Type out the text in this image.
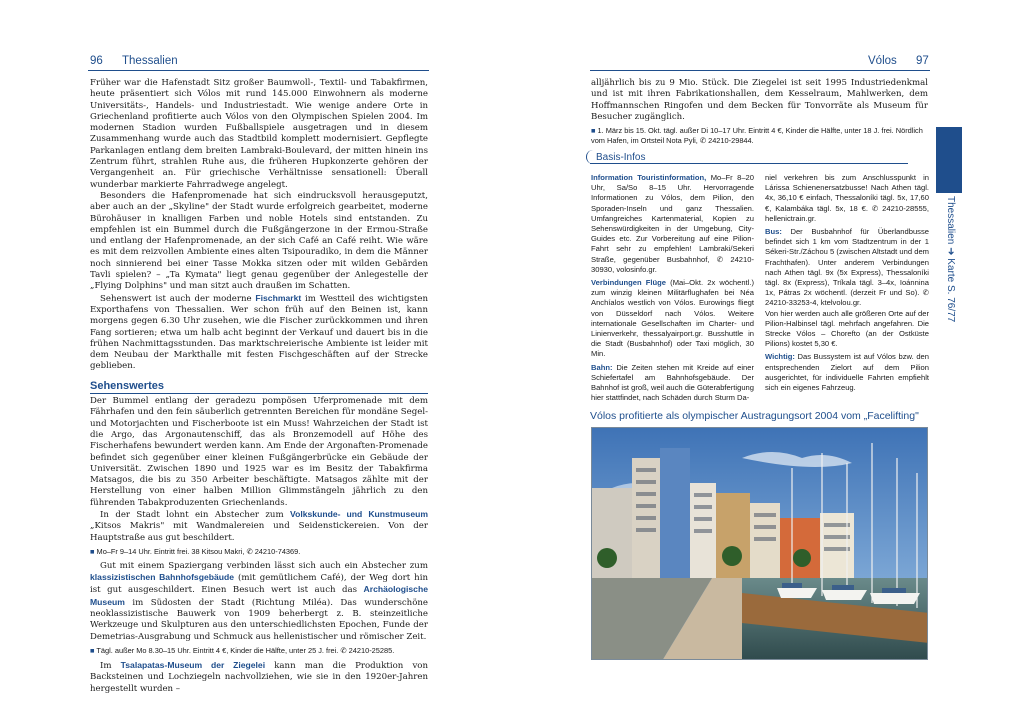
96 Thessalien

Früher war die Hafenstadt Sitz großer Baumwoll-, Textil- und Tabakfirmen, heute präsentiert sich Vólos mit rund 145.000 Einwohnern als moderne Universitäts-, Handels- und Industriestadt. Wie wenige andere Orte in Griechenland profitierte auch Vólos von den Olympischen Spielen 2004. Im modernen Stadion wurden Fußballspiele ausgetragen und in diesem Zusammenhang wurde auch das Stadtbild komplett modernisiert. Gepflegte Parkanlagen entlang dem breiten Lambraki-Boulevard, der mitten hinein ins Zentrum führt, strahlen Ruhe aus, die früheren Hupkonzerte gehören der Vergangenheit an. Für griechische Verhältnisse sensationell: Überall wunderbar markierte Fahrradwege angelegt.

Besonders die Hafenpromenade hat sich eindrucksvoll herausgeputzt, aber auch an der „Skyline" der Stadt wurde erfolgreich gearbeitet, moderne Bürohäuser in knalligen Farben und noble Hotels sind entstanden. Zu empfehlen ist ein Bummel durch die Fußgängerzone in der Ermou-Straße und entlang der Hafenpromenade, an der sich Café an Café reiht. Wie wäre es mit dem reizvollen Ambiente eines alten Tsipouradiko, in dem die Männer noch sinnierend bei einer Tasse Mokka sitzen oder mit wilden Gebärden Tavli spielen? – „Ta Kymata" liegt genau gegenüber der Anlegestelle der „Flying Dolphins" und man sitzt auch draußen im Schatten.

Sehenswert ist auch der moderne Fischmarkt im Westteil des wichtigsten Exporthafens von Thessalien. Wer schon früh auf den Beinen ist, kann morgens gegen 6.30 Uhr zusehen, wie die Fischer zurückkommen und ihren Fang sortieren; etwa um halb acht beginnt der Verkauf und dauert bis in die frühen Nachmittagsstunden. Das marktschreierische Ambiente ist leider mit dem Neubau der Markthalle mit festen Fischgeschäften auf der Strecke geblieben.

Sehenswertes

Der Bummel entlang der geradezu pompösen Uferpromenade mit dem Fährhafen und den fein säuberlich getrennten Bereichen für mondäne Segel- und Motorjachten und Fischerboote ist ein Muss! Wahrzeichen der Stadt ist die Argo, das Argonautenschiff, das als Bronzemodell auf Höhe des Fischerhafens bewundert werden kann. Am Ende der Argonaften-Promenade befindet sich gegenüber einer kleinen Fußgängerbrücke ein Gebäude der Universität. Zwischen 1890 und 1925 war es im Besitz der Tabakfirma Matsagos, die bis zu 350 Arbeiter beschäftigte. Matsagos zählte mit der Herstellung von einer halben Million Glimmstängeln jährlich zu den führenden Tabakproduzenten Griechenlands.

In der Stadt lohnt ein Abstecher zum Volkskunde- und Kunstmuseum „Kitsos Makris" mit Wandmalereien und Seidenstickereien. Von der Hauptstraße aus gut beschildert.

■ Mo–Fr 9–14 Uhr. Eintritt frei. 38 Kitsou Makri, ✆ 24210-74369.

Gut mit einem Spaziergang verbinden lässt sich auch ein Abstecher zum klassizistischen Bahnhofsgebäude (mit gemütlichem Café), der Weg dort hin ist gut ausgeschildert. Einen Besuch wert ist auch das Archäologische Museum im Südosten der Stadt (Richtung Miléa). Das wunderschöne neoklassizistische Bauwerk von 1909 beherbergt z. B. steinzeitliche Werkzeuge und Skulpturen aus den unterschiedlichsten Epochen, Funde der Demetrias-Ausgrabung und Schmuck aus hellenistischer und römischer Zeit.

■ Tägl. außer Mo 8.30–15 Uhr. Eintritt 4 €, Kinder die Hälfte, unter 25 J. frei. ✆ 24210-25285.

Im Tsalapatas-Museum der Ziegelei kann man die Produktion von Backsteinen und Lochziegeln nachvollziehen, wie sie in den 1920er-Jahren hergestellt wurden –

Vólos 97

alljährlich bis zu 9 Mio. Stück. Die Ziegelei ist seit 1995 Industriedenkmal und ist mit ihren Fabrikationshallen, dem Kesselraum, Mahlwerken, dem Hoffmannschen Ringofen und dem Becken für Tonvorräte als Museum für Besucher zugänglich.

■ 1. März bis 15. Okt. tägl. außer Di 10–17 Uhr. Eintritt 4 €, Kinder die Hälfte, unter 18 J. frei. Nördlich vom Hafen, im Ortsteil Nota Pyli, ✆ 24210-29844.

Basis-Infos

Information Touristinformation, Mo–Fr 8–20 Uhr, Sa/So 8–15 Uhr. Hervorragende Informationen zu Vólos, dem Pilion, den Sporaden-Inseln und ganz Thessalien. Umfangreiches Kartenmaterial, Kopien zu Sehenswürdigkeiten in der Umgebung, City-Guides etc. Zur Vorbereitung auf eine Pilion-Fahrt sehr zu empfehlen! Lambraki/Sekeri Straße, gegenüber Busbahnhof, ✆ 24210-30930, volosinfo.gr.

Verbindungen Flüge (Mai–Okt. 2x wöchentl.) zum winzig kleinen Militärflughafen bei Néa Anchíalos westlich von Vólos. Eurowings fliegt von Düsseldorf nach Vólos. Weitere internationale Gesellschaften im Charter- und Linienverkehr, thessalyairport.gr. Busshuttle in die Stadt (Busbahnhof) oder Taxi möglich, 30 Min.

Bahn: Die Zeiten stehen mit Kreide auf einer Schiefertafel am Bahnhofsgebäude. Der Bahnhof ist groß, weil auch die Güterabfertigung hier stattfindet, nach Schäden durch Sturm Da-

niel verkehren bis zum Anschlusspunkt in Lárissa Schienenersatzbusse! Nach Athen tägl. 4x, 36,10 € einfach, Thessaloníki tägl. 5x, 17,60 €, Kalambáka tägl. 5x, 18 €. ✆ 24210-28555, hellenictrain.gr.

Bus: Der Busbahnhof für Überlandbusse befindet sich 1 km vom Stadtzentrum in der 1 Sékeri-Str./Záchou 5 (zwischen Altstadt und dem Frachthafen). Unter anderem Verbindungen nach Athen tägl. 9x (5x Express), Thessaloníki tägl. 8x (Express), Tríkala tägl. 3–4x, Ioánnina 1x, Pátras 2x wöchentl. (derzeit Fr und So). ✆ 24210-33253-4, ktelvolou.gr.

Von hier werden auch alle größeren Orte auf der Pilion-Halbinsel tägl. mehrfach angefahren. Die Strecke Vólos – Chorefto (an der Ostküste Pilions) kostet 5,30 €.

Wichtig: Das Bussystem ist auf Vólos bzw. den entsprechenden Zielort auf dem Pilion ausgerichtet, für individuelle Fahrten empfiehlt sich ein eigenes Fahrzeug.

Thessalien ➜ Karte S. 76/77
Vólos profitierte als olympischer Austragungsort 2004 vom „Facelifting"
